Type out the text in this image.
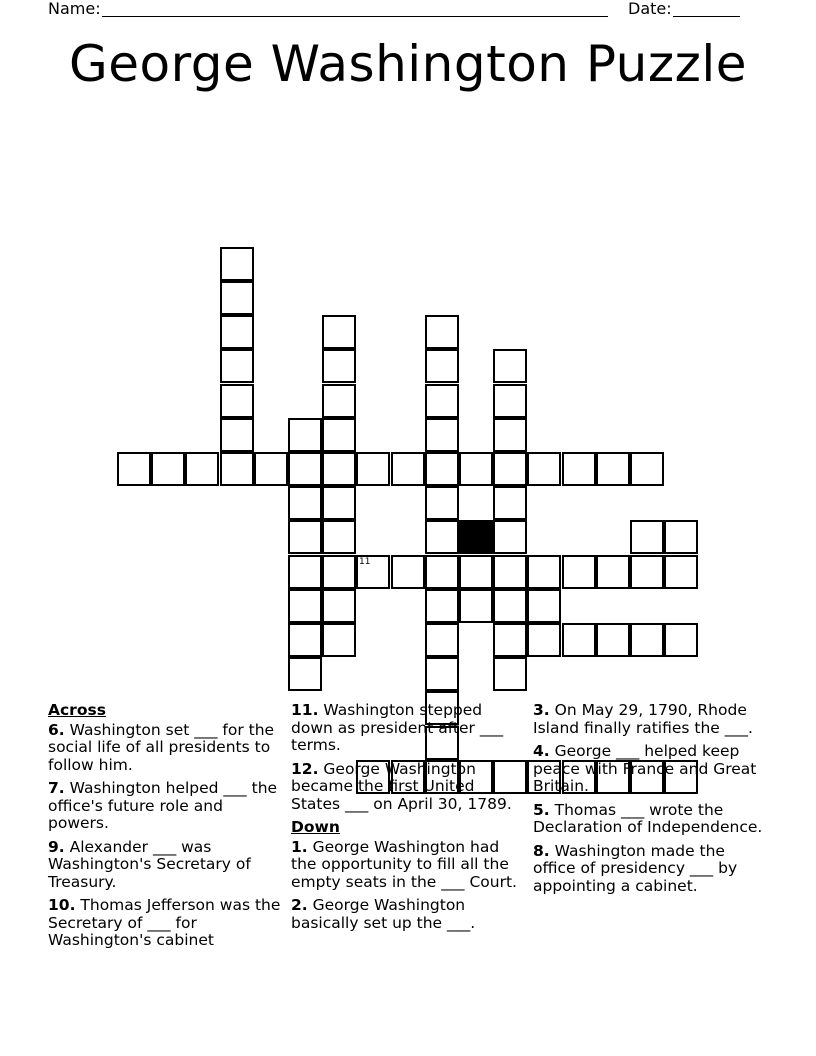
Name:	Date:
George Washington Puzzle
11
Across
6. Washington set ___ for the social life of all presidents to follow him.
7. Washington helped ___ the office's future role and powers.
9. Alexander ___ was Washington's Secretary of Treasury.
10. Thomas Jefferson was the Secretary of ___ for Washington's cabinet
11. Washington stepped down as president after ___ terms.
12. George Washington became the first United States ___ on April 30, 1789.
Down
1. George Washington had the opportunity to fill all the empty seats in the ___ Court.
2. George Washington basically set up the ___.
3. On May 29, 1790, Rhode Island finally ratifies the ___.
4. George ___ helped keep peace with France and Great Britain.
5. Thomas ___ wrote the Declaration of Independence.
8. Washington made the office of presidency ___ by appointing a cabinet.
